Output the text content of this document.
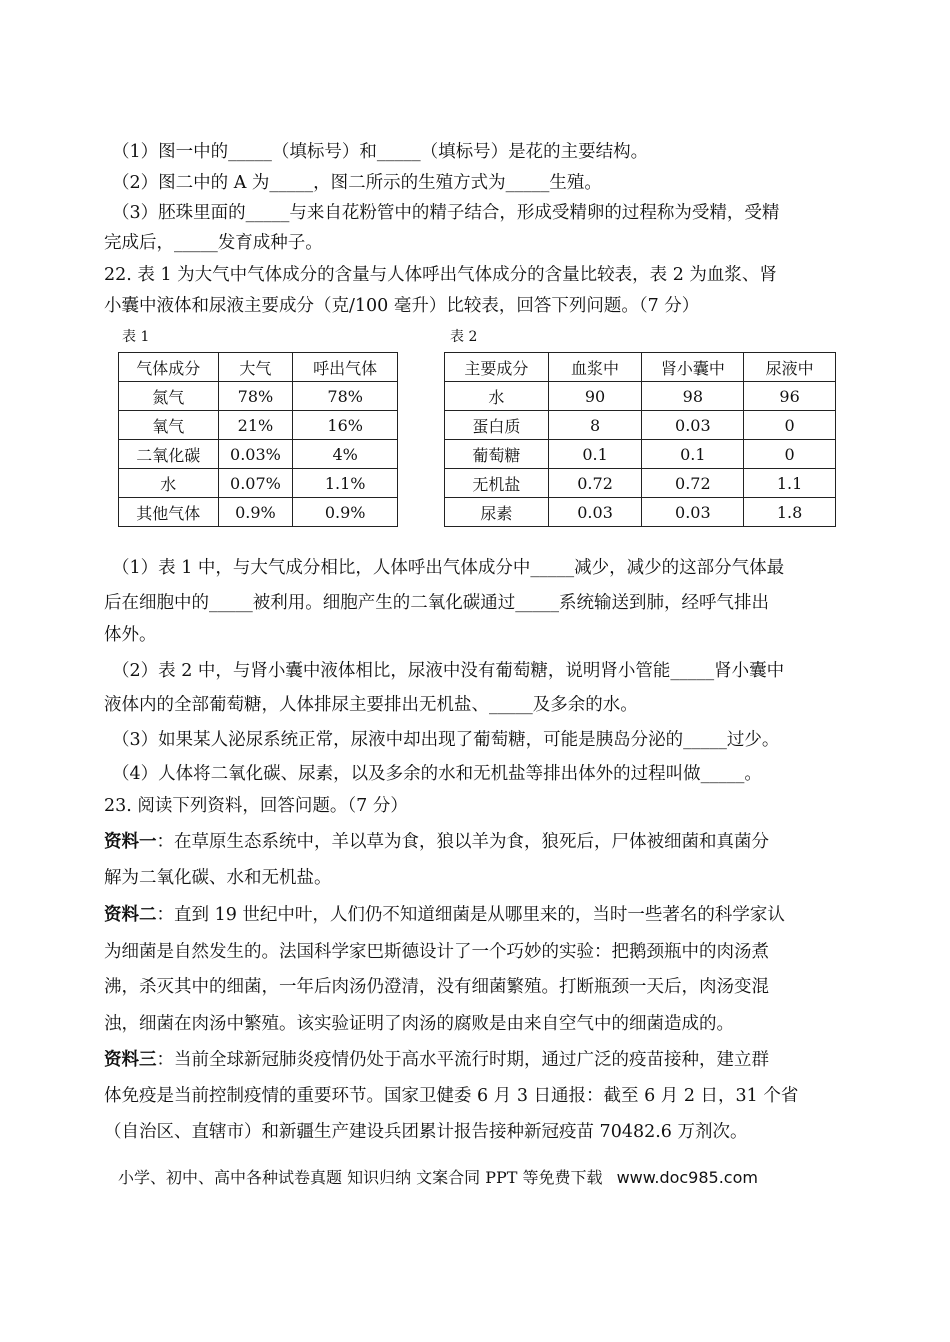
（1）图一中的_____（填标号）和_____（填标号）是花的主要结构。
（2）图二中的 A 为_____，图二所示的生殖方式为_____生殖。
（3）胚珠里面的_____与来自花粉管中的精子结合，形成受精卵的过程称为受精，受精
完成后，_____发育成种子。
22. 表 1 为大气中气体成分的含量与人体呼出气体成分的含量比较表，表 2 为血浆、肾
小囊中液体和尿液主要成分（克/100 毫升）比较表，回答下列问题。（7 分）
表 1	表 2
气体成分	大气	呼出气体
氮气	78%	78%
氧气	21%	16%
二氧化碳	0.03%	4%
水	0.07%	1.1%
其他气体	0.9%	0.9%
主要成分	血浆中	肾小囊中	尿液中
水	90	98	96
蛋白质	8	0.03	0
葡萄糖	0.1	0.1	0
无机盐	0.72	0.72	1.1
尿素	0.03	0.03	1.8
（1）表 1 中，与大气成分相比，人体呼出气体成分中_____减少，减少的这部分气体最
后在细胞中的_____被利用。细胞产生的二氧化碳通过_____系统输送到肺，经呼气排出
体外。
（2）表 2 中，与肾小囊中液体相比，尿液中没有葡萄糖，说明肾小管能_____肾小囊中
液体内的全部葡萄糖，人体排尿主要排出无机盐、_____及多余的水。
（3）如果某人泌尿系统正常，尿液中却出现了葡萄糖，可能是胰岛分泌的_____过少。
（4）人体将二氧化碳、尿素，以及多余的水和无机盐等排出体外的过程叫做_____。
23. 阅读下列资料，回答问题。（7 分）
资料一：在草原生态系统中，羊以草为食，狼以羊为食，狼死后，尸体被细菌和真菌分
解为二氧化碳、水和无机盐。
资料二：直到 19 世纪中叶，人们仍不知道细菌是从哪里来的，当时一些著名的科学家认
为细菌是自然发生的。法国科学家巴斯德设计了一个巧妙的实验：把鹅颈瓶中的肉汤煮
沸，杀灭其中的细菌，一年后肉汤仍澄清，没有细菌繁殖。打断瓶颈一天后，肉汤变混
浊，细菌在肉汤中繁殖。该实验证明了肉汤的腐败是由来自空气中的细菌造成的。
资料三：当前全球新冠肺炎疫情仍处于高水平流行时期，通过广泛的疫苗接种，建立群
体免疫是当前控制疫情的重要环节。国家卫健委 6 月 3 日通报：截至 6 月 2 日，31 个省
（自治区、直辖市）和新疆生产建设兵团累计报告接种新冠疫苗 70482.6 万剂次。
小学、初中、高中各种试卷真题 知识归纳 文案合同 PPT 等免费下载 www.doc985.com
